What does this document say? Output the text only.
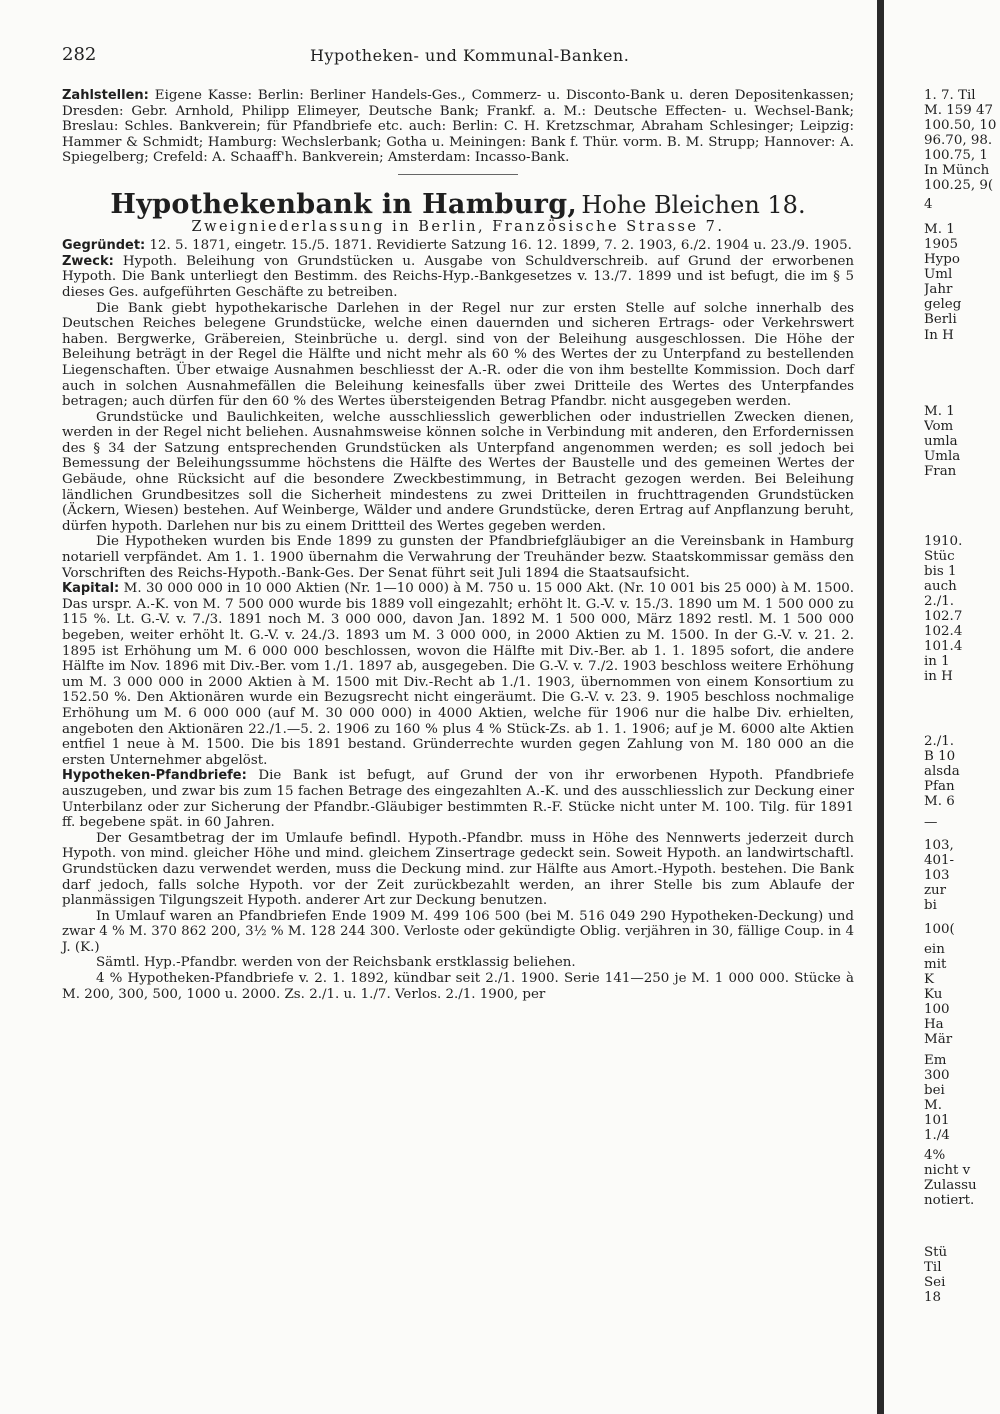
282	Hypotheken- und Kommunal-Banken.

Zahlstellen: Eigene Kasse: Berlin: Berliner Handels-Ges., Commerz- u. Disconto-Bank u. deren Depositenkassen; Dresden: Gebr. Arnhold, Philipp Elimeyer, Deutsche Bank; Frankf. a. M.: Deutsche Effecten- u. Wechsel-Bank; Breslau: Schles. Bankverein; für Pfandbriefe etc. auch: Berlin: C. H. Kretzschmar, Abraham Schlesinger; Leipzig: Hammer & Schmidt; Hamburg: Wechslerbank; Gotha u. Meiningen: Bank f. Thür. vorm. B. M. Strupp; Hannover: A. Spiegelberg; Crefeld: A. Schaaff'h. Bankverein; Amsterdam: Incasso-Bank.

Hypothekenbank in Hamburg, Hohe Bleichen 18.
Zweigniederlassung in Berlin, Französische Strasse 7.

Gegründet: 12. 5. 1871, eingetr. 15./5. 1871. Revidierte Satzung 16. 12. 1899, 7. 2. 1903, 6./2. 1904 u. 23./9. 1905.

Zweck: Hypoth. Beleihung von Grundstücken u. Ausgabe von Schuldverschreib. auf Grund der erworbenen Hypoth. Die Bank unterliegt den Bestimm. des Reichs-Hyp.-Bankgesetzes v. 13./7. 1899 und ist befugt, die im § 5 dieses Ges. aufgeführten Geschäfte zu betreiben.

Die Bank giebt hypothekarische Darlehen in der Regel nur zur ersten Stelle auf solche innerhalb des Deutschen Reiches belegene Grundstücke, welche einen dauernden und sicheren Ertrags- oder Verkehrswert haben. Bergwerke, Gräbereien, Steinbrüche u. dergl. sind von der Beleihung ausgeschlossen. Die Höhe der Beleihung beträgt in der Regel die Hälfte und nicht mehr als 60 % des Wertes der zu Unterpfand zu bestellenden Liegenschaften. Über etwaige Ausnahmen beschliesst der A.-R. oder die von ihm bestellte Kommission. Doch darf auch in solchen Ausnahmefällen die Beleihung keinesfalls über zwei Dritteile des Wertes des Unterpfandes betragen; auch dürfen für den 60 % des Wertes übersteigenden Betrag Pfandbr. nicht ausgegeben werden.

Grundstücke und Baulichkeiten, welche ausschliesslich gewerblichen oder industriellen Zwecken dienen, werden in der Regel nicht beliehen. Ausnahmsweise können solche in Verbindung mit anderen, den Erfordernissen des § 34 der Satzung entsprechenden Grundstücken als Unterpfand angenommen werden; es soll jedoch bei Bemessung der Beleihungssumme höchstens die Hälfte des Wertes der Baustelle und des gemeinen Wertes der Gebäude, ohne Rücksicht auf die besondere Zweckbestimmung, in Betracht gezogen werden. Bei Beleihung ländlichen Grundbesitzes soll die Sicherheit mindestens zu zwei Dritteilen in fruchttragenden Grundstücken (Äckern, Wiesen) bestehen. Auf Weinberge, Wälder und andere Grundstücke, deren Ertrag auf Anpflanzung beruht, dürfen hypoth. Darlehen nur bis zu einem Drittteil des Wertes gegeben werden.

Die Hypotheken wurden bis Ende 1899 zu gunsten der Pfandbriefgläubiger an die Vereinsbank in Hamburg notariell verpfändet. Am 1. 1. 1900 übernahm die Verwahrung der Treuhänder bezw. Staatskommissar gemäss den Vorschriften des Reichs-Hypoth.-Bank-Ges. Der Senat führt seit Juli 1894 die Staatsaufsicht.

Kapital: M. 30 000 000 in 10 000 Aktien (Nr. 1—10 000) à M. 750 u. 15 000 Akt. (Nr. 10 001 bis 25 000) à M. 1500. Das urspr. A.-K. von M. 7 500 000 wurde bis 1889 voll eingezahlt; erhöht lt. G.-V. v. 15./3. 1890 um M. 1 500 000 zu 115 %. Lt. G.-V. v. 7./3. 1891 noch M. 3 000 000, davon Jan. 1892 M. 1 500 000, März 1892 restl. M. 1 500 000 begeben, weiter erhöht lt. G.-V. v. 24./3. 1893 um M. 3 000 000, in 2000 Aktien zu M. 1500. In der G.-V. v. 21. 2. 1895 ist Erhöhung um M. 6 000 000 beschlossen, wovon die Hälfte mit Div.-Ber. ab 1. 1. 1895 sofort, die andere Hälfte im Nov. 1896 mit Div.-Ber. vom 1./1. 1897 ab, ausgegeben. Die G.-V. v. 7./2. 1903 beschloss weitere Erhöhung um M. 3 000 000 in 2000 Aktien à M. 1500 mit Div.-Recht ab 1./1. 1903, übernommen von einem Konsortium zu 152.50 %. Den Aktionären wurde ein Bezugsrecht nicht eingeräumt. Die G.-V. v. 23. 9. 1905 beschloss nochmalige Erhöhung um M. 6 000 000 (auf M. 30 000 000) in 4000 Aktien, welche für 1906 nur die halbe Div. erhielten, angeboten den Aktionären 22./1.—5. 2. 1906 zu 160 % plus 4 % Stück-Zs. ab 1. 1. 1906; auf je M. 6000 alte Aktien entfiel 1 neue à M. 1500. Die bis 1891 bestand. Gründerrechte wurden gegen Zahlung von M. 180 000 an die ersten Unternehmer abgelöst.

Hypotheken-Pfandbriefe: Die Bank ist befugt, auf Grund der von ihr erworbenen Hypoth. Pfandbriefe auszugeben, und zwar bis zum 15 fachen Betrage des eingezahlten A.-K. und des ausschliesslich zur Deckung einer Unterbilanz oder zur Sicherung der Pfandbr.-Gläubiger bestimmten R.-F. Stücke nicht unter M. 100. Tilg. für 1891 ff. begebene spät. in 60 Jahren.

Der Gesamtbetrag der im Umlaufe befindl. Hypoth.-Pfandbr. muss in Höhe des Nennwerts jederzeit durch Hypoth. von mind. gleicher Höhe und mind. gleichem Zinsertrage gedeckt sein. Soweit Hypoth. an landwirtschaftl. Grundstücken dazu verwendet werden, muss die Deckung mind. zur Hälfte aus Amort.-Hypoth. bestehen. Die Bank darf jedoch, falls solche Hypoth. vor der Zeit zurückbezahlt werden, an ihrer Stelle bis zum Ablaufe der planmässigen Tilgungszeit Hypoth. anderer Art zur Deckung benutzen.

In Umlauf waren an Pfandbriefen Ende 1909 M. 499 106 500 (bei M. 516 049 290 Hypotheken-Deckung) und zwar 4 % M. 370 862 200, 3½ % M. 128 244 300. Verloste oder gekündigte Oblig. verjähren in 30, fällige Coup. in 4 J. (K.)

Sämtl. Hyp.-Pfandbr. werden von der Reichsbank erstklassig beliehen.

4 % Hypotheken-Pfandbriefe v. 2. 1. 1892, kündbar seit 2./1. 1900. Serie 141—250 je M. 1 000 000. Stücke à M. 200, 300, 500, 1000 u. 2000. Zs. 2./1. u. 1./7. Verlos. 2./1. 1900, per

1. 7. Til
M. 159 47
100.50, 10
96.70, 98.
100.75, 1
In Münch
100.25, 9(
4
M. 1
1905
Hypo
Uml
Jahr
geleg
Berli
In H
M. 1
Vom
umla
Umla
Fran
1910.
Stüc
bis 1
auch
2./1.
102.7
102.4
101.4
in 1
in H
2./1.
B 10
alsda
Pfan
M. 6
—
103,
401-
103
zur
bi
100(
ein
mit
K
Ku
100
Ha
Mär
Em
300
bei
M.
101
1./4
4%
nicht v
Zulassu
notiert.
Stü
Til
Sei
18
